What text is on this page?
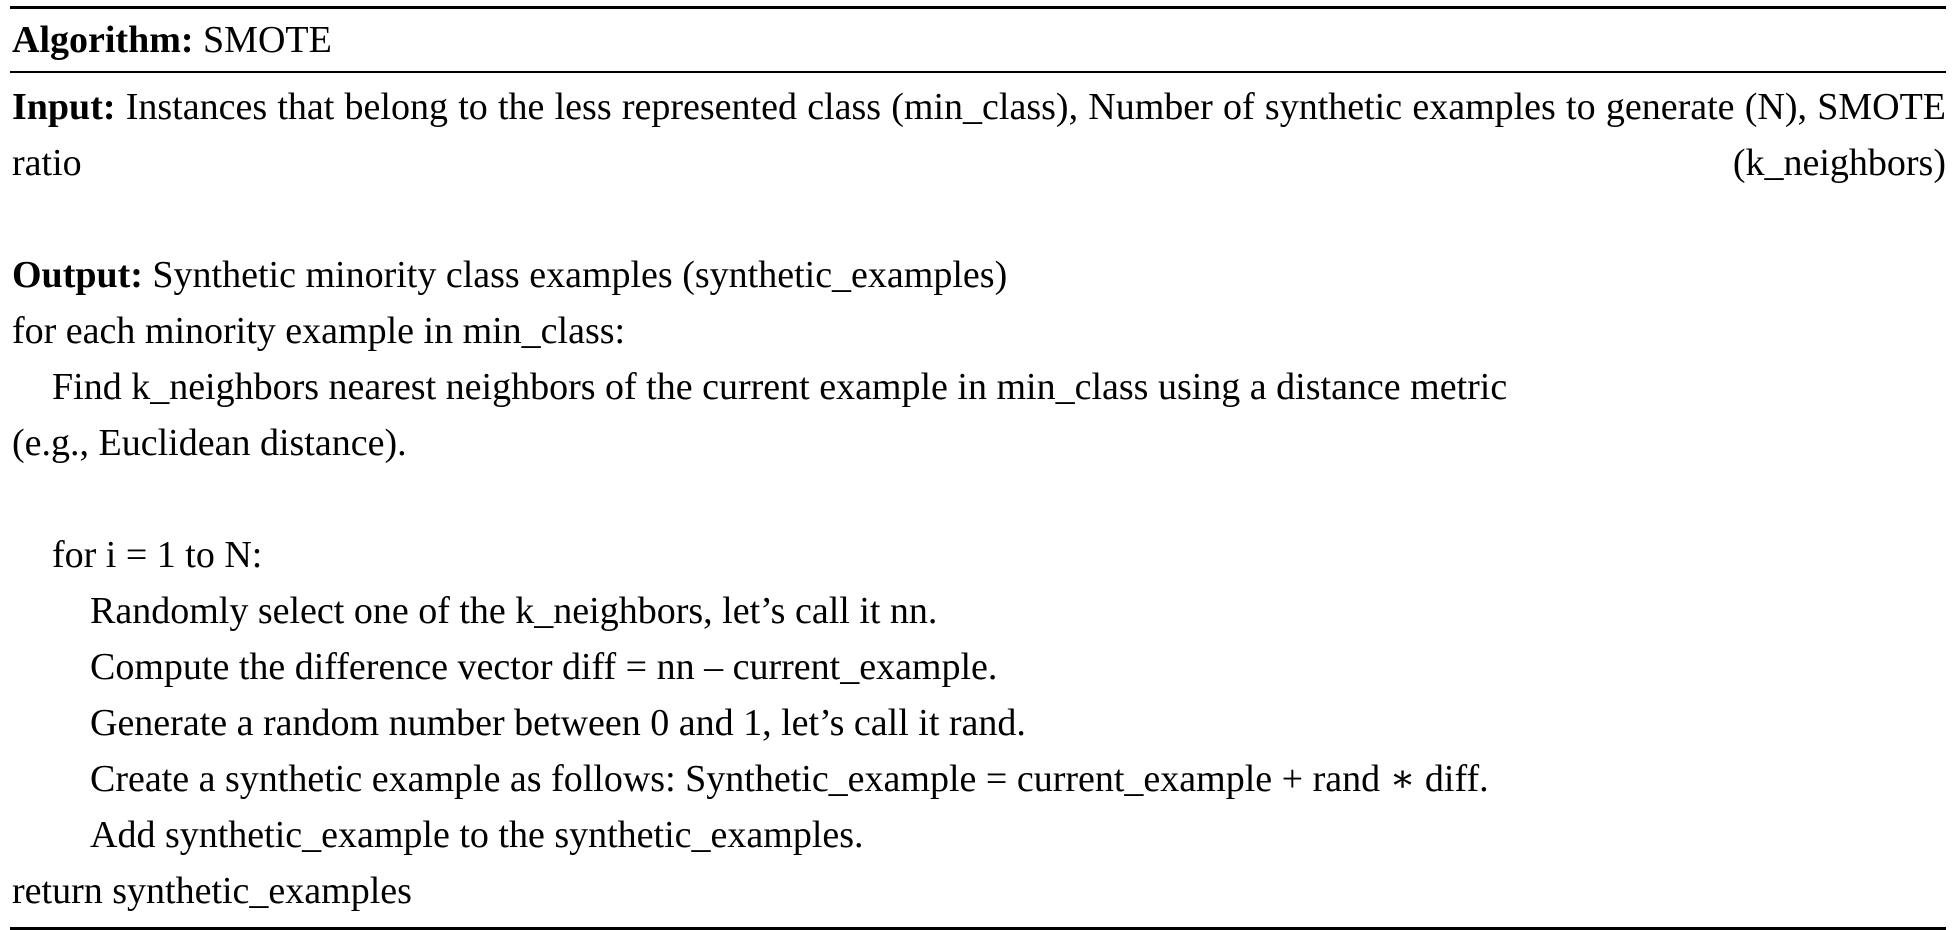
Algorithm: SMOTE
Input: Instances that belong to the less represented class (min_class), Number of synthetic examples to generate (N), SMOTE ratio (k_neighbors)
Output: Synthetic minority class examples (synthetic_examples)
for each minority example in min_class:
Find k_neighbors nearest neighbors of the current example in min_class using a distance metric
(e.g., Euclidean distance).
for i = 1 to N:
Randomly select one of the k_neighbors, let’s call it nn.
Compute the difference vector diff = nn – current_example.
Generate a random number between 0 and 1, let’s call it rand.
Create a synthetic example as follows: Synthetic_example = current_example + rand ∗ diff.
Add synthetic_example to the synthetic_examples.
return synthetic_examples
